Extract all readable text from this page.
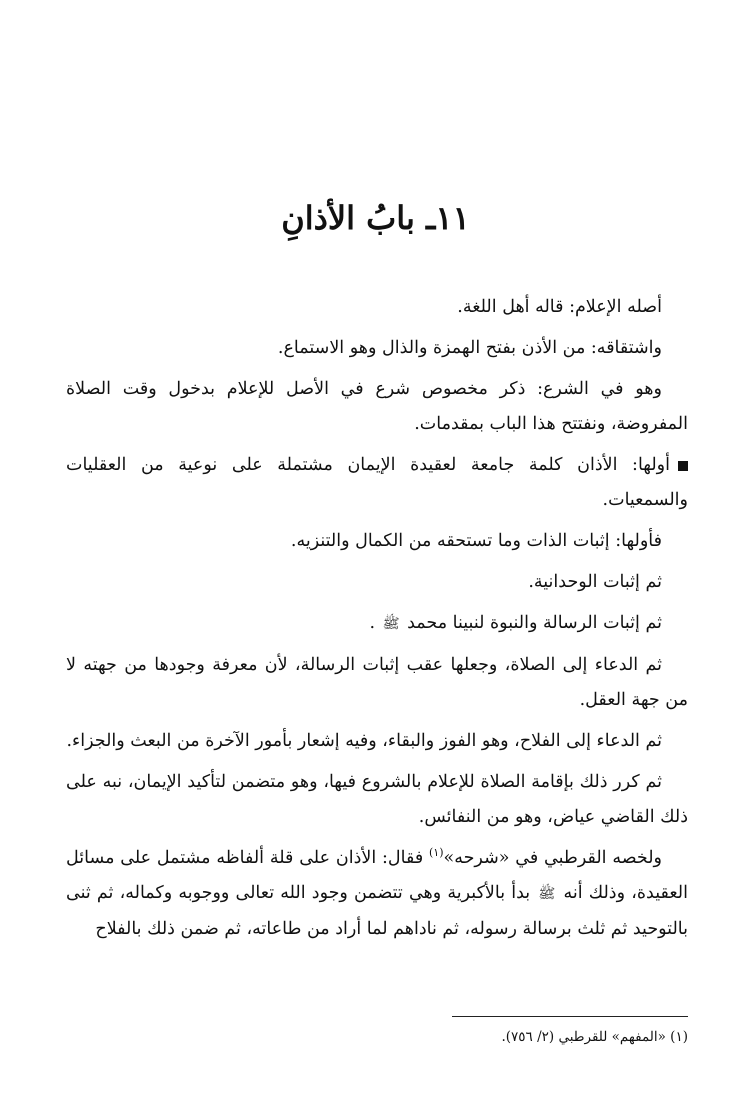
١١ـ بابُ الأذانِ

أصله الإعلام: قاله أهل اللغة.

واشتقاقه: من الأذن بفتح الهمزة والذال وهو الاستماع.

وهو في الشرع: ذكر مخصوص شرع في الأصل للإعلام بدخول وقت الصلاة المفروضة، ونفتتح هذا الباب بمقدمات.

أولها: الأذان كلمة جامعة لعقيدة الإيمان مشتملة على نوعية من العقليات والسمعيات.

فأولها: إثبات الذات وما تستحقه من الكمال والتنزيه.

ثم إثبات الوحدانية.

ثم إثبات الرسالة والنبوة لنبينا محمد ﷺ .

ثم الدعاء إلى الصلاة، وجعلها عقب إثبات الرسالة، لأن معرفة وجودها من جهته لا من جهة العقل.

ثم الدعاء إلى الفلاح، وهو الفوز والبقاء، وفيه إشعار بأمور الآخرة من البعث والجزاء.

ثم كرر ذلك بإقامة الصلاة للإعلام بالشروع فيها، وهو متضمن لتأكيد الإيمان، نبه على ذلك القاضي عياض، وهو من النفائس.

ولخصه القرطبي في «شرحه»$^{(١)}$ فقال: الأذان على قلة ألفاظه مشتمل على مسائل العقيدة، وذلك أنه ﷺ بدأ بالأكبرية وهي تتضمن وجود الله تعالى ووجوبه وكماله، ثم ثنى بالتوحيد ثم ثلث برسالة رسوله، ثم ناداهم لما أراد من طاعاته، ثم ضمن ذلك بالفلاح

(١) «المفهم» للقرطبي (٢/ ٧٥٦).
